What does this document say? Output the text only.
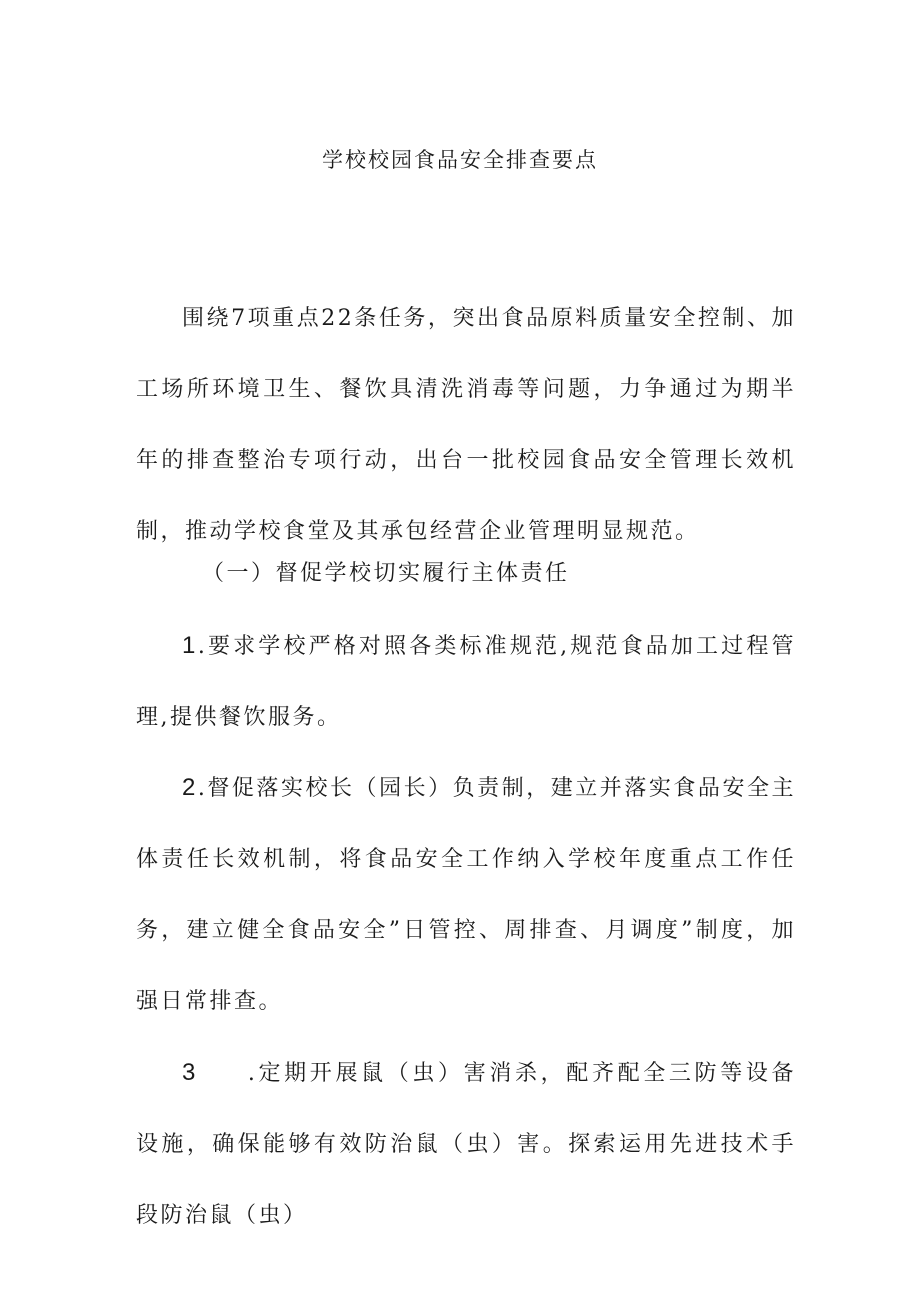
学校校园食品安全排查要点

围绕7项重点22条任务，突出食品原料质量安全控制、加工场所环境卫生、餐饮具清洗消毒等问题，力争通过为期半年的排查整治专项行动，出台一批校园食品安全管理长效机制，推动学校食堂及其承包经营企业管理明显规范。

（一）督促学校切实履行主体责任

1.要求学校严格对照各类标准规范,规范食品加工过程管理,提供餐饮服务。

2.督促落实校长（园长）负责制，建立并落实食品安全主体责任长效机制，将食品安全工作纳入学校年度重点工作任务，建立健全食品安全”日管控、周排查、月调度”制度，加强日常排查。

3 .定期开展鼠（虫）害消杀，配齐配全三防等设备设施，确保能够有效防治鼠（虫）害。探索运用先进技术手段防治鼠（虫）
